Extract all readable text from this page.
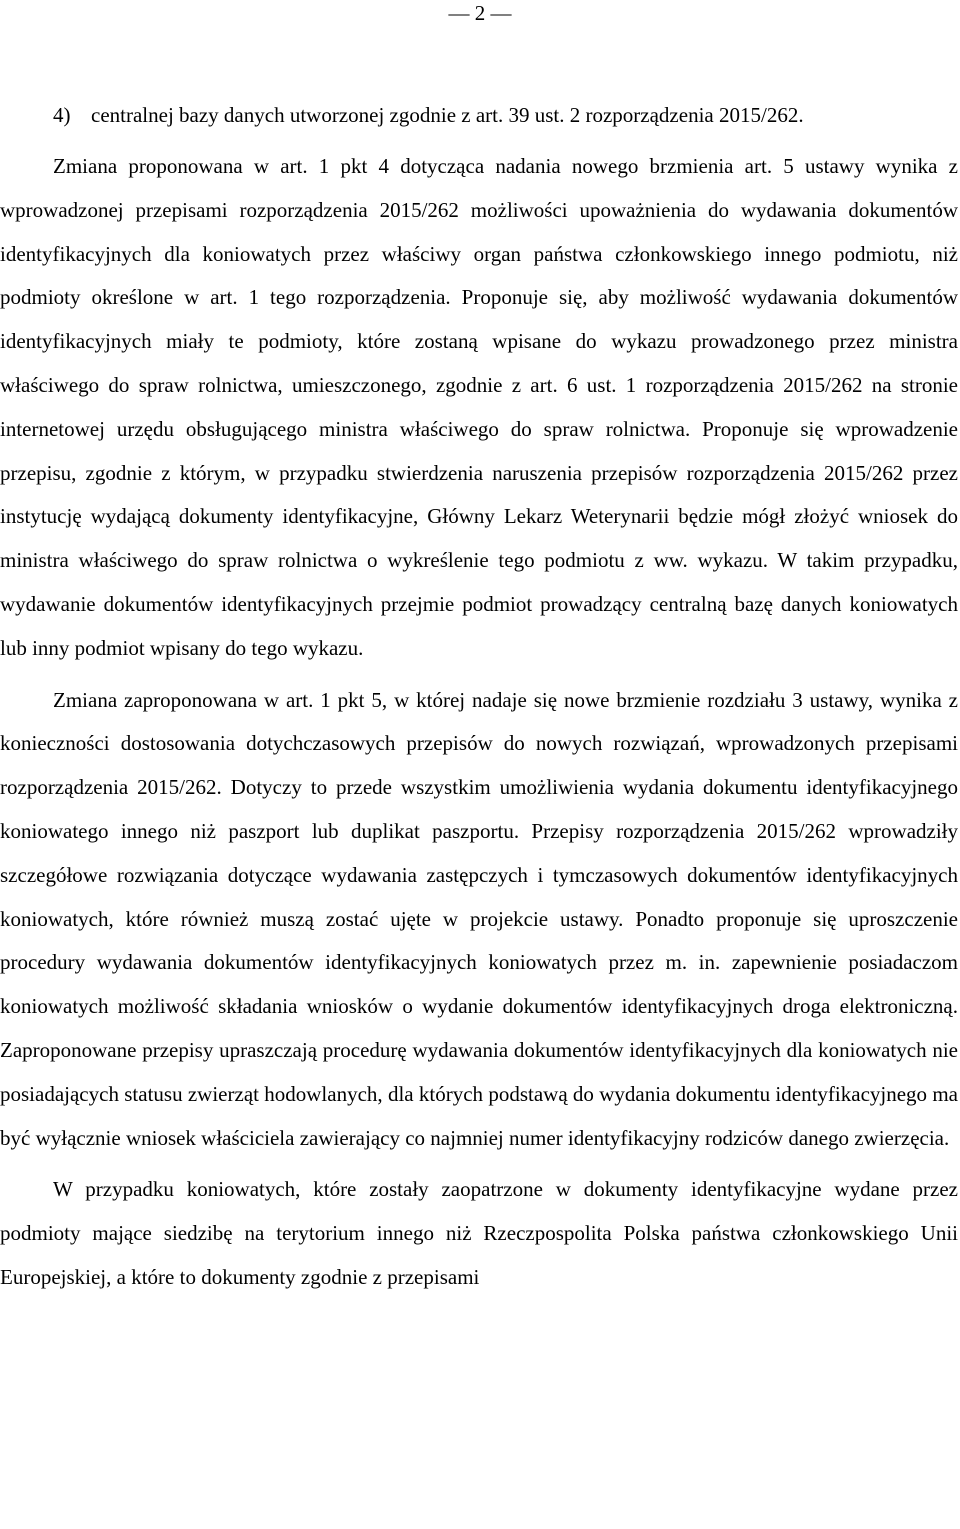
— 2 —
4) centralnej bazy danych utworzonej zgodnie z art. 39 ust. 2 rozporządzenia 2015/262.

Zmiana proponowana w art. 1 pkt 4 dotycząca nadania nowego brzmienia art. 5 ustawy wynika z wprowadzonej przepisami rozporządzenia 2015/262 możliwości upoważnienia do wydawania dokumentów identyfikacyjnych dla koniowatych przez właściwy organ państwa członkowskiego innego podmiotu, niż podmioty określone w art. 1 tego rozporządzenia. Proponuje się, aby możliwość wydawania dokumentów identyfikacyjnych miały te podmioty, które zostaną wpisane do wykazu prowadzonego przez ministra właściwego do spraw rolnictwa, umieszczonego, zgodnie z art. 6 ust. 1 rozporządzenia 2015/262 na stronie internetowej urzędu obsługującego ministra właściwego do spraw rolnictwa. Proponuje się wprowadzenie przepisu, zgodnie z którym, w przypadku stwierdzenia naruszenia przepisów rozporządzenia 2015/262 przez instytucję wydającą dokumenty identyfikacyjne, Główny Lekarz Weterynarii będzie mógł złożyć wniosek do ministra właściwego do spraw rolnictwa o wykreślenie tego podmiotu z ww. wykazu. W takim przypadku, wydawanie dokumentów identyfikacyjnych przejmie podmiot prowadzący centralną bazę danych koniowatych lub inny podmiot wpisany do tego wykazu.

Zmiana zaproponowana w art. 1 pkt 5, w której nadaje się nowe brzmienie rozdziału 3 ustawy, wynika z konieczności dostosowania dotychczasowych przepisów do nowych rozwiązań, wprowadzonych przepisami rozporządzenia 2015/262. Dotyczy to przede wszystkim umożliwienia wydania dokumentu identyfikacyjnego koniowatego innego niż paszport lub duplikat paszportu. Przepisy rozporządzenia 2015/262 wprowadziły szczegółowe rozwiązania dotyczące wydawania zastępczych i tymczasowych dokumentów identyfikacyjnych koniowatych, które również muszą zostać ujęte w projekcie ustawy. Ponadto proponuje się uproszczenie procedury wydawania dokumentów identyfikacyjnych koniowatych przez m. in. zapewnienie posiadaczom koniowatych możliwość składania wniosków o wydanie dokumentów identyfikacyjnych droga elektroniczną. Zaproponowane przepisy upraszczają procedurę wydawania dokumentów identyfikacyjnych dla koniowatych nie posiadających statusu zwierząt hodowlanych, dla których podstawą do wydania dokumentu identyfikacyjnego ma być wyłącznie wniosek właściciela zawierający co najmniej numer identyfikacyjny rodziców danego zwierzęcia.

W przypadku koniowatych, które zostały zaopatrzone w dokumenty identyfikacyjne wydane przez podmioty mające siedzibę na terytorium innego niż Rzeczpospolita Polska państwa członkowskiego Unii Europejskiej, a które to dokumenty zgodnie z przepisami
